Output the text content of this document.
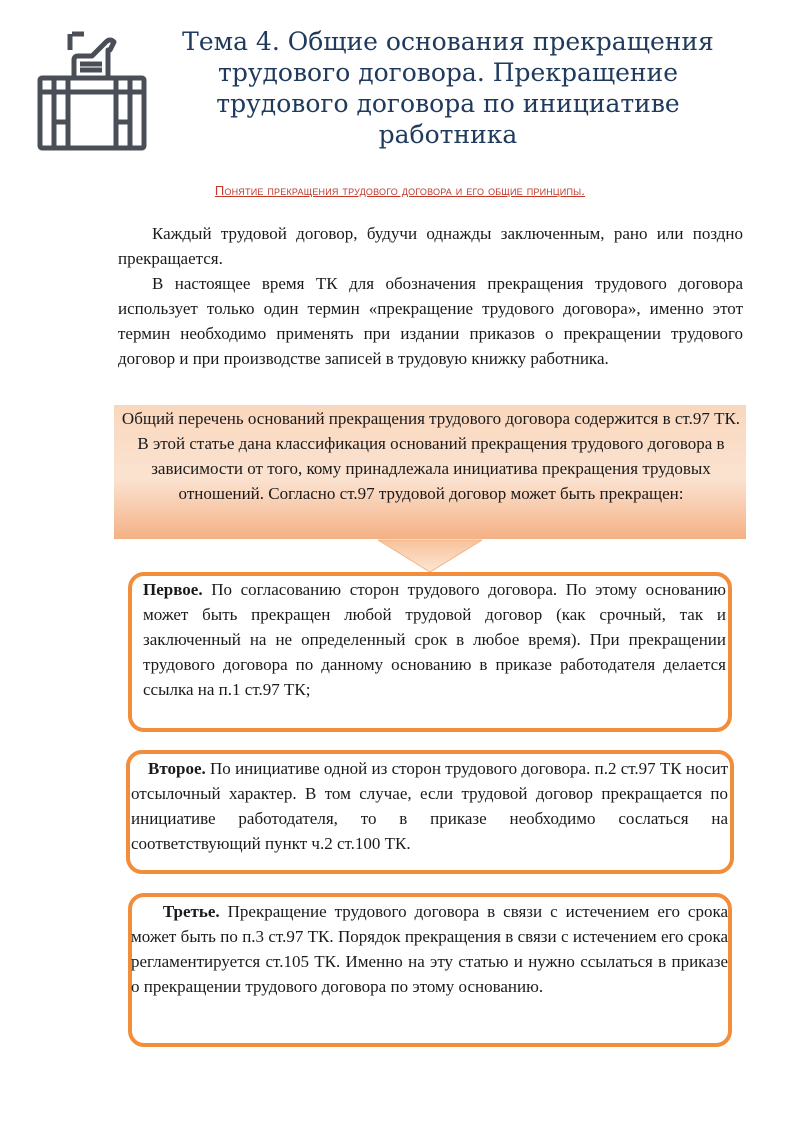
Тема 4. Общие основания прекращения трудового договора. Прекращение трудового договора по инициативе работника
Понятие прекращения трудового договора и его общие принципы.

Каждый трудовой договор, будучи однажды заключенным, рано или поздно прекращается.

В настоящее время ТК для обозначения прекращения трудового договора использует только один термин «прекращение трудового договора», именно этот термин необходимо применять при издании приказов о прекращении трудового договор и при производстве записей в трудовую книжку работника.

Общий перечень оснований прекращения трудового договора содержится в ст.97 ТК. В этой статье дана классификация оснований прекращения трудового договора в зависимости от того, кому принадлежала инициатива прекращения трудовых отношений. Согласно ст.97 трудовой договор может быть прекращен:

Первое. По согласованию сторон трудового договора. По этому основанию может быть прекращен любой трудовой договор (как срочный, так и заключенный на не определенный срок в любое время). При прекращении трудового договора по данному основанию в приказе работодателя делается ссылка на п.1 ст.97 ТК;

Второе. По инициативе одной из сторон трудового договора. п.2 ст.97 ТК носит отсылочный характер. В том случае, если трудовой договор прекращается по инициативе работодателя, то в приказе необходимо сослаться на соответствующий пункт ч.2 ст.100 ТК.

Третье. Прекращение трудового договора в связи с истечением его срока может быть по п.3 ст.97 ТК. Порядок прекращения в связи с истечением его срока регламентируется ст.105 ТК. Именно на эту статью и нужно ссылаться в приказе о прекращении трудового договора по этому основанию.
